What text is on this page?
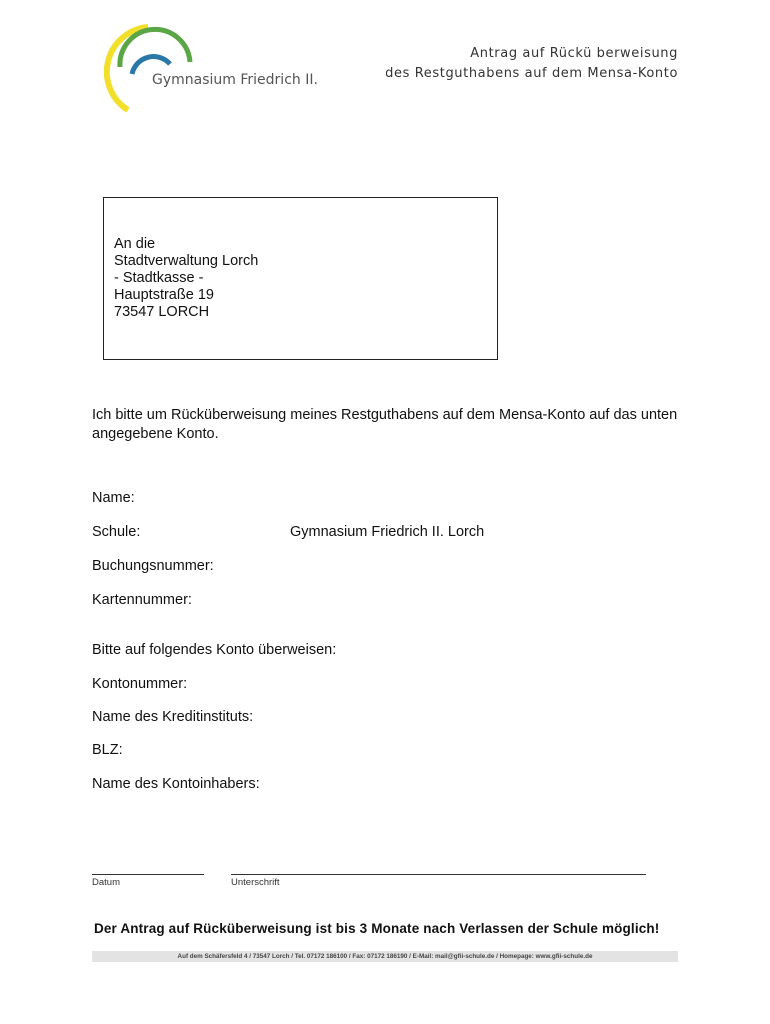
Gymnasium Friedrich II.
Antrag auf Rückü berweisung
des Restguthabens auf dem Mensa-Konto
An die
Stadtverwaltung Lorch
- Stadtkasse -
Hauptstraße 19
73547 LORCH
Ich bitte um Rücküberweisung meines Restguthabens auf dem Mensa-Konto auf das unten angegebene Konto.
Name:
Schule:	Gymnasium Friedrich II. Lorch
Buchungsnummer:
Kartennummer:
Bitte auf folgendes Konto überweisen:
Kontonummer:
Name des Kreditinstituts:
BLZ:
Name des Kontoinhabers:
Datum	Unterschrift
Der Antrag auf Rücküberweisung ist bis 3 Monate nach Verlassen der Schule möglich!
Auf dem Schäfersfeld 4 / 73547 Lorch / Tel. 07172 186100 / Fax: 07172 186190 / E-Mail: mail@gfii-schule.de / Homepage: www.gfii-schule.de
